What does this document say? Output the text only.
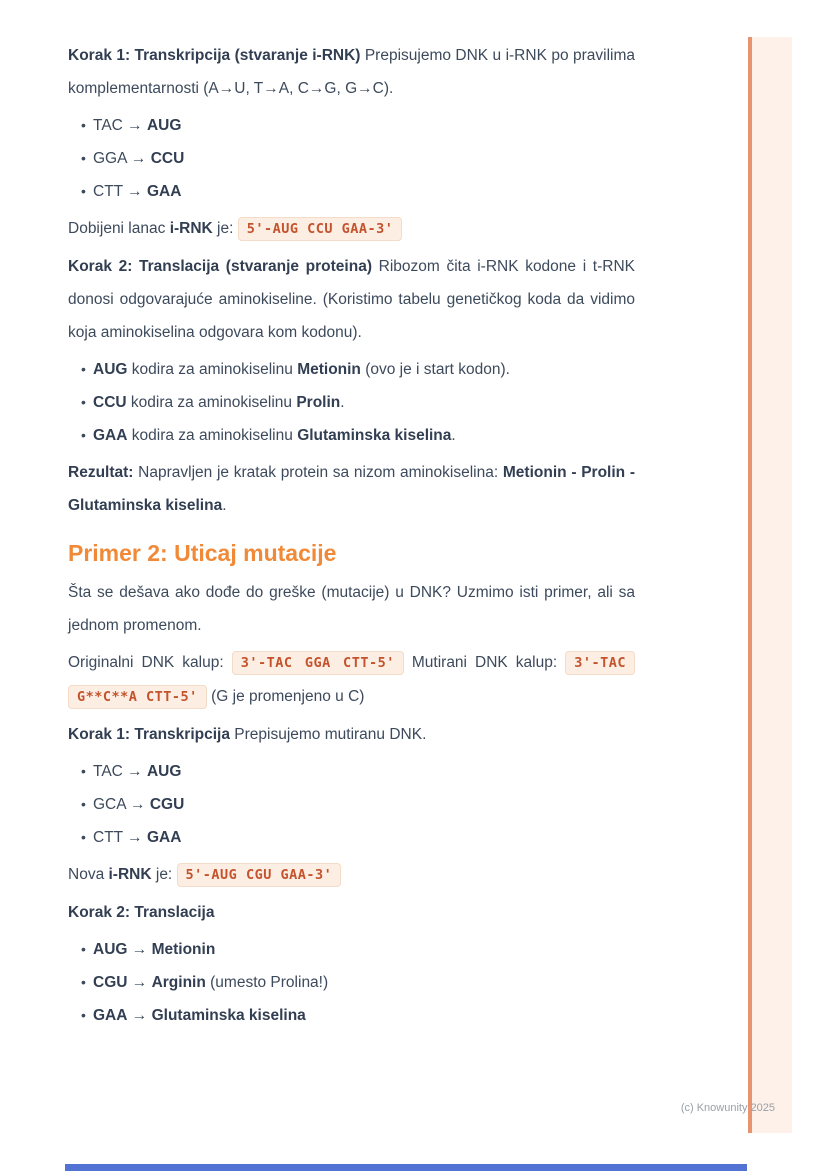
Korak 1: Transkripcija (stvaranje i-RNK) Prepisujemo DNK u i-RNK po pravilima komplementarnosti (A→U, T→A, C→G, G→C).

• TAC → AUG
• GGA → CCU
• CTT → GAA

Dobijeni lanac i-RNK je: 5'-AUG CCU GAA-3'

Korak 2: Translacija (stvaranje proteina) Ribozom čita i-RNK kodone i t-RNK donosi odgovarajuće aminokiseline. (Koristimo tabelu genetičkog koda da vidimo koja aminokiselina odgovara kom kodonu).

• AUG kodira za aminokiselinu Metionin (ovo je i start kodon).
• CCU kodira za aminokiselinu Prolin.
• GAA kodira za aminokiselinu Glutaminska kiselina.

Rezultat: Napravljen je kratak protein sa nizom aminokiselina: Metionin - Prolin - Glutaminska kiselina.

Primer 2: Uticaj mutacije

Šta se dešava ako dođe do greške (mutacije) u DNK? Uzmimo isti primer, ali sa jednom promenom.

Originalni DNK kalup: 3'-TAC GGA CTT-5' Mutirani DNK kalup: 3'-TAC G**C**A CTT-5' (G je promenjeno u C)

Korak 1: Transkripcija Prepisujemo mutiranu DNK.

• TAC → AUG
• GCA → CGU
• CTT → GAA

Nova i-RNK je: 5'-AUG CGU GAA-3'

Korak 2: Translacija

• AUG → Metionin
• CGU → Arginin (umesto Prolina!)
• GAA → Glutaminska kiselina
(c) Knowunity 2025
